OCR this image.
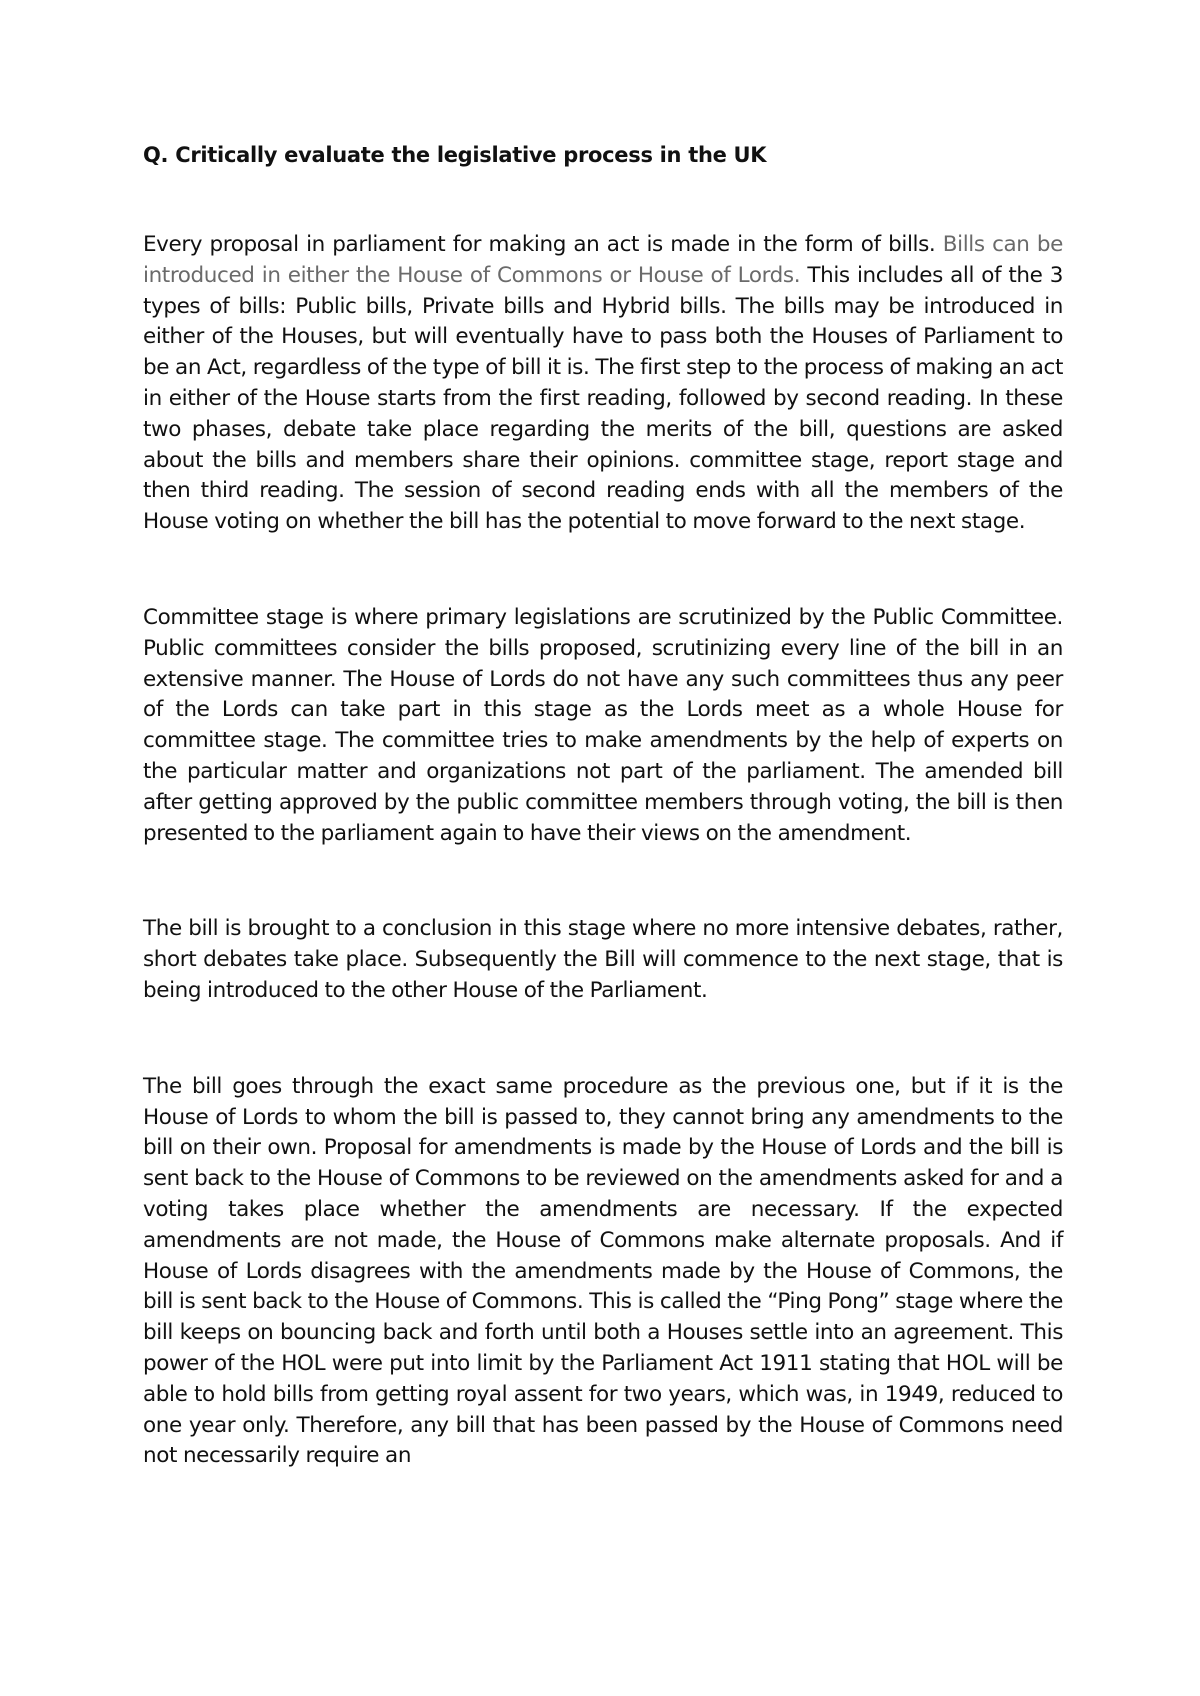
Q. Critically evaluate the legislative process in the UK

Every proposal in parliament for making an act is made in the form of bills. Bills can be introduced in either the House of Commons or House of Lords. This includes all of the 3 types of bills: Public bills, Private bills and Hybrid bills. The bills may be introduced in either of the Houses, but will eventually have to pass both the Houses of Parliament to be an Act, regardless of the type of bill it is. The first step to the process of making an act in either of the House starts from the first reading, followed by second reading. In these two phases, debate take place regarding the merits of the bill, questions are asked about the bills and members share their opinions. committee stage, report stage and then third reading. The session of second reading ends with all the members of the House voting on whether the bill has the potential to move forward to the next stage.

Committee stage is where primary legislations are scrutinized by the Public Committee. Public committees consider the bills proposed, scrutinizing every line of the bill in an extensive manner. The House of Lords do not have any such committees thus any peer of the Lords can take part in this stage as the Lords meet as a whole House for committee stage. The committee tries to make amendments by the help of experts on the particular matter and organizations not part of the parliament. The amended bill after getting approved by the public committee members through voting, the bill is then presented to the parliament again to have their views on the amendment.

The bill is brought to a conclusion in this stage where no more intensive debates, rather, short debates take place. Subsequently the Bill will commence to the next stage, that is being introduced to the other House of the Parliament.

The bill goes through the exact same procedure as the previous one, but if it is the House of Lords to whom the bill is passed to, they cannot bring any amendments to the bill on their own. Proposal for amendments is made by the House of Lords and the bill is sent back to the House of Commons to be reviewed on the amendments asked for and a voting takes place whether the amendments are necessary. If the expected amendments are not made, the House of Commons make alternate proposals. And if House of Lords disagrees with the amendments made by the House of Commons, the bill is sent back to the House of Commons. This is called the “Ping Pong” stage where the bill keeps on bouncing back and forth until both a Houses settle into an agreement. This power of the HOL were put into limit by the Parliament Act 1911 stating that HOL will be able to hold bills from getting royal assent for two years, which was, in 1949, reduced to one year only. Therefore, any bill that has been passed by the House of Commons need not necessarily require an
